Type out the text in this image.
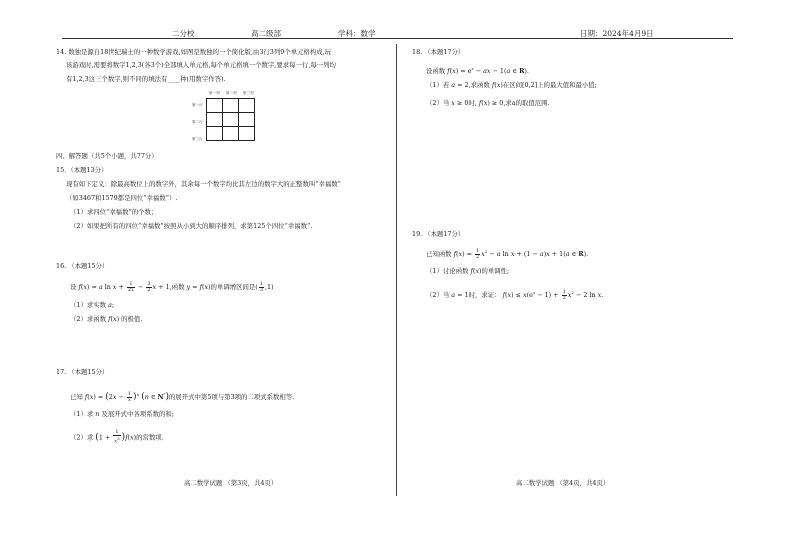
二分校	高二级部	学科：数学	日期：2024年4月9日
14. 数独是源自18世纪瑞士的一种数学游戏,如图是数独的一个简化版,由3行3列9个单元格构成,玩
该游戏时,需要将数字1,2,3(各3个)全部填入单元格,每个单元格填一个数字,要求每一行,每一列均
有1,2,3这三个数字,则不同的填法有____种(用数字作答).
第一列 第二列 第三列
第一行
第二行
第三行

四、解答题（共5个小题，共77分）
15．（本题13分）
现有如下定义：除最高数位上的数字外，其余每一个数字均比其左边的数字大的正整数叫“幸福数”
（如3467和1579都是四位“幸福数”）.
（1）求四位“幸福数”的个数；
（2）如果把所有的四位“幸福数”按照从小到大的顺序排列，求第125个四位“幸福数”.
16. （本题15分）
设 f(x) = a $\ln x + \frac{1}{2x} - \frac{3}{2}$ x + 1,函数 y = f(x)的单调增区间是( $\frac{1}{3} ,1$)
（1）求实数 a;
（2）求函数 f(x) 的极值.
17. （本题15分）
已知 $f(x) = (2x - \frac{1}{x} )^n$ (n ∈ N*)的展开式中第5项与第3项的二项式系数相等.
（1）求 n 及展开式中各项系数的和;
（2）求 $(1 + \frac{1}{x^3} )f(x)$的常数项.
高二数学试题 （第3页，共4页）
18. （本题17分）
设函数 $f(x) = e^x$ − ax − 1(a ∈ R).
（1）若 a = 2,求函数 f(x)在区间[0,2]上的最大值和最小值;
（2）当 x ≥ 0时, f(x) ≥ 0,求a的取值范围.
19. （本题17分）
已知函数 $f(x) = \frac{1}{2} x^2 - a$ ln x + (1 − a)x + 1(a ∈ R).
（1）讨论函数 f(x)的单调性;
（2）当 a = 1时，求证： $f(x) \le x(e^x - 1) + \frac{1}{2} x^2 - 2$ ln x.
高二数学试题 （第4页，共4页）
